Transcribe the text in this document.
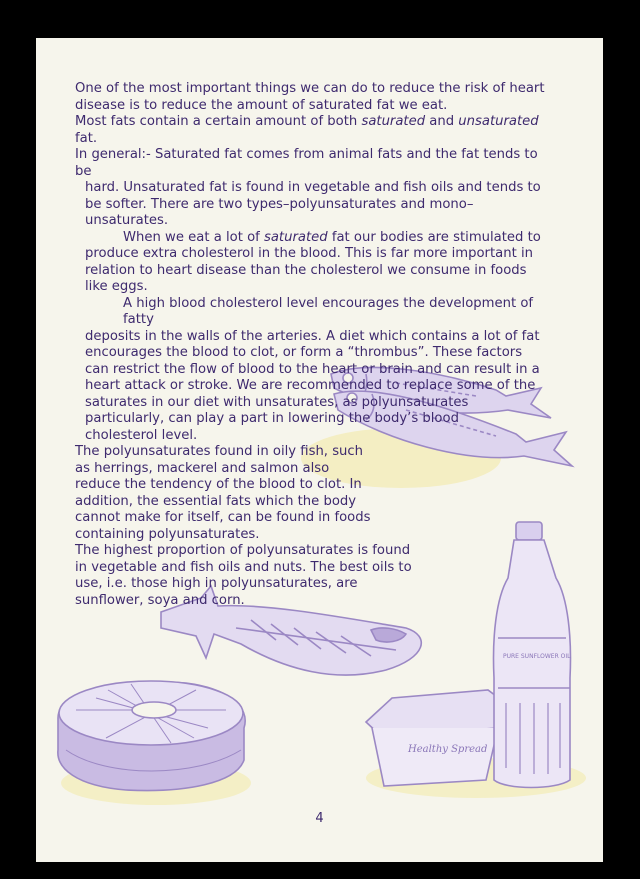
Healthy Spread
PURE SUNFLOWER OIL

One of the most important things we can do to reduce the risk of heart disease is to reduce the amount of saturated fat we eat.

Most fats contain a certain amount of both saturated and unsaturated fat.

In general:- Saturated fat comes from animal fats and the fat tends to be

hard. Unsaturated fat is found in vegetable and fish oils and tends to be softer. There are two types–polyunsaturates and mono–unsaturates.

When we eat a lot of saturated fat our bodies are stimulated to

produce extra cholesterol in the blood. This is far more important in relation to heart disease than the cholesterol we consume in foods like eggs.

A high blood cholesterol level encourages the development of fatty

deposits in the walls of the arteries. A diet which contains a lot of fat encourages the blood to clot, or form a “thrombus”. These factors can restrict the flow of blood to the heart or brain and can result in a heart attack or stroke. We are recommended to replace some of the saturates in our diet with unsaturates, as polyunsaturates particularly, can play a part in lowering the body’s blood

cholesterol level.

The polyunsaturates found in oily fish, such as herrings, mackerel and salmon also reduce the tendency of the blood to clot. In addition, the essential fats which the body cannot make for itself, can be found in foods containing polyunsaturates.

The highest proportion of polyunsaturates is found in vegetable and fish oils and nuts. The best oils to use, i.e. those high in polyunsaturates, are sunflower, soya and corn.

4
